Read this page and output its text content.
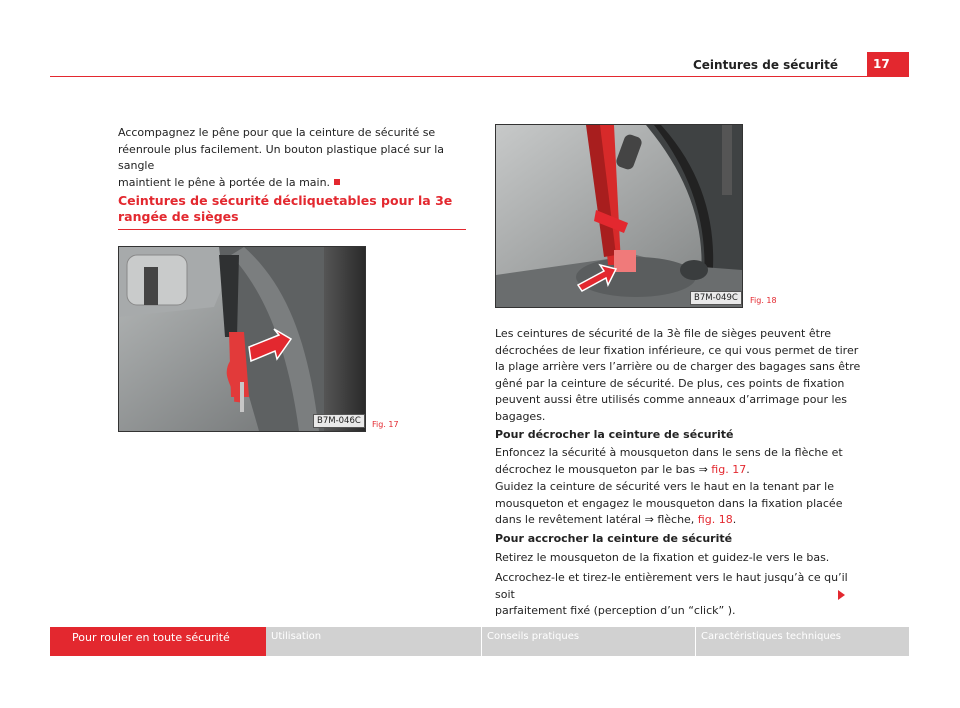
Ceintures de sécurité	17
Accompagnez le pêne pour que la ceinture de sécurité se
réenroule plus facilement. Un bouton plastique placé sur la sangle
maintient le pêne à portée de la main.
Ceintures de sécurité décliquetables pour la 3e
rangée de sièges
B7M-046C	Fig. 17
B7M-049C	Fig. 18
Les ceintures de sécurité de la 3è file de sièges peuvent être
décrochées de leur fixation inférieure, ce qui vous permet de tirer
la plage arrière vers l’arrière ou de charger des bagages sans être
gêné par la ceinture de sécurité. De plus, ces points de fixation
peuvent aussi être utilisés comme anneaux d’arrimage pour les
bagages.
Pour décrocher la ceinture de sécurité
Enfoncez la sécurité à mousqueton dans le sens de la flèche et
décrochez le mousqueton par le bas ⇒ fig. 17.
Guidez la ceinture de sécurité vers le haut en la tenant par le
mousqueton et engagez le mousqueton dans la fixation placée
dans le revêtement latéral ⇒ flèche, fig. 18.
Pour accrocher la ceinture de sécurité
Retirez le mousqueton de la fixation et guidez-le vers le bas.
Accrochez-le et tirez-le entièrement vers le haut jusqu’à ce qu’il soit
parfaitement fixé (perception d’un “click” ).
Pour rouler en toute sécurité	Utilisation	Conseils pratiques	Caractéristiques techniques
